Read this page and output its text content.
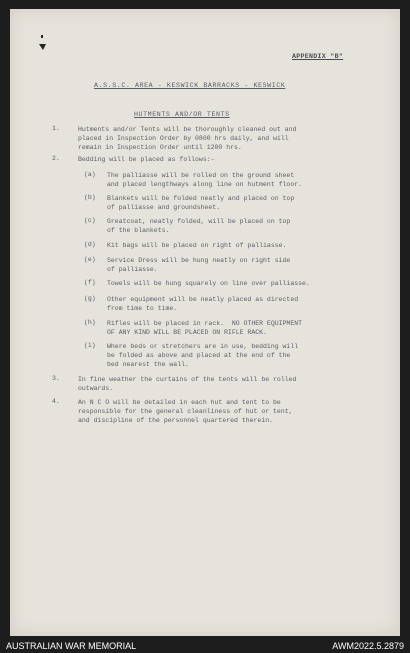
APPENDIX "B"
A.S.S.C. AREA - KESWICK BARRACKS - KESWICK
HUTMENTS AND/OR TENTS
1.	Hutments and/or Tents will be thoroughly cleaned out and
placed in Inspection Order by 0800 hrs daily, and will
remain in Inspection Order until 1200 hrs.
2.	Bedding will be placed as follows:-
(a) The palliasse will be rolled on the ground sheet
and placed lengthways along line on hutment floor.
(b) Blankets will be folded neatly and placed on top
of palliasse and groundsheet.
(c) Greatcoat, neatly folded, will be placed on top
of the blankets.
(d) Kit bags will be placed on right of palliasse.
(e) Service Dress will be hung neatly on right side
of palliasse.
(f) Towels will be hung squarely on line over palliasse.
(g) Other equipment will be neatly placed as directed
from time to time.
(h) Rifles will be placed in rack.  NO OTHER EQUIPMENT
OF ANY KIND WILL BE PLACED ON RIFLE RACK.
(i) Where beds or stretchers are in use, bedding will
be folded as above and placed at the end of the
bed nearest the wall.
3.	In fine weather the curtains of the tents will be rolled
outwards.
4.	An N C O will be detailed in each hut and tent to be
responsible for the general cleanliness of hut or tent,
and discipline of the personnel quartered therein.
AUSTRALIAN WAR MEMORIAL	AWM2022.5.2879
